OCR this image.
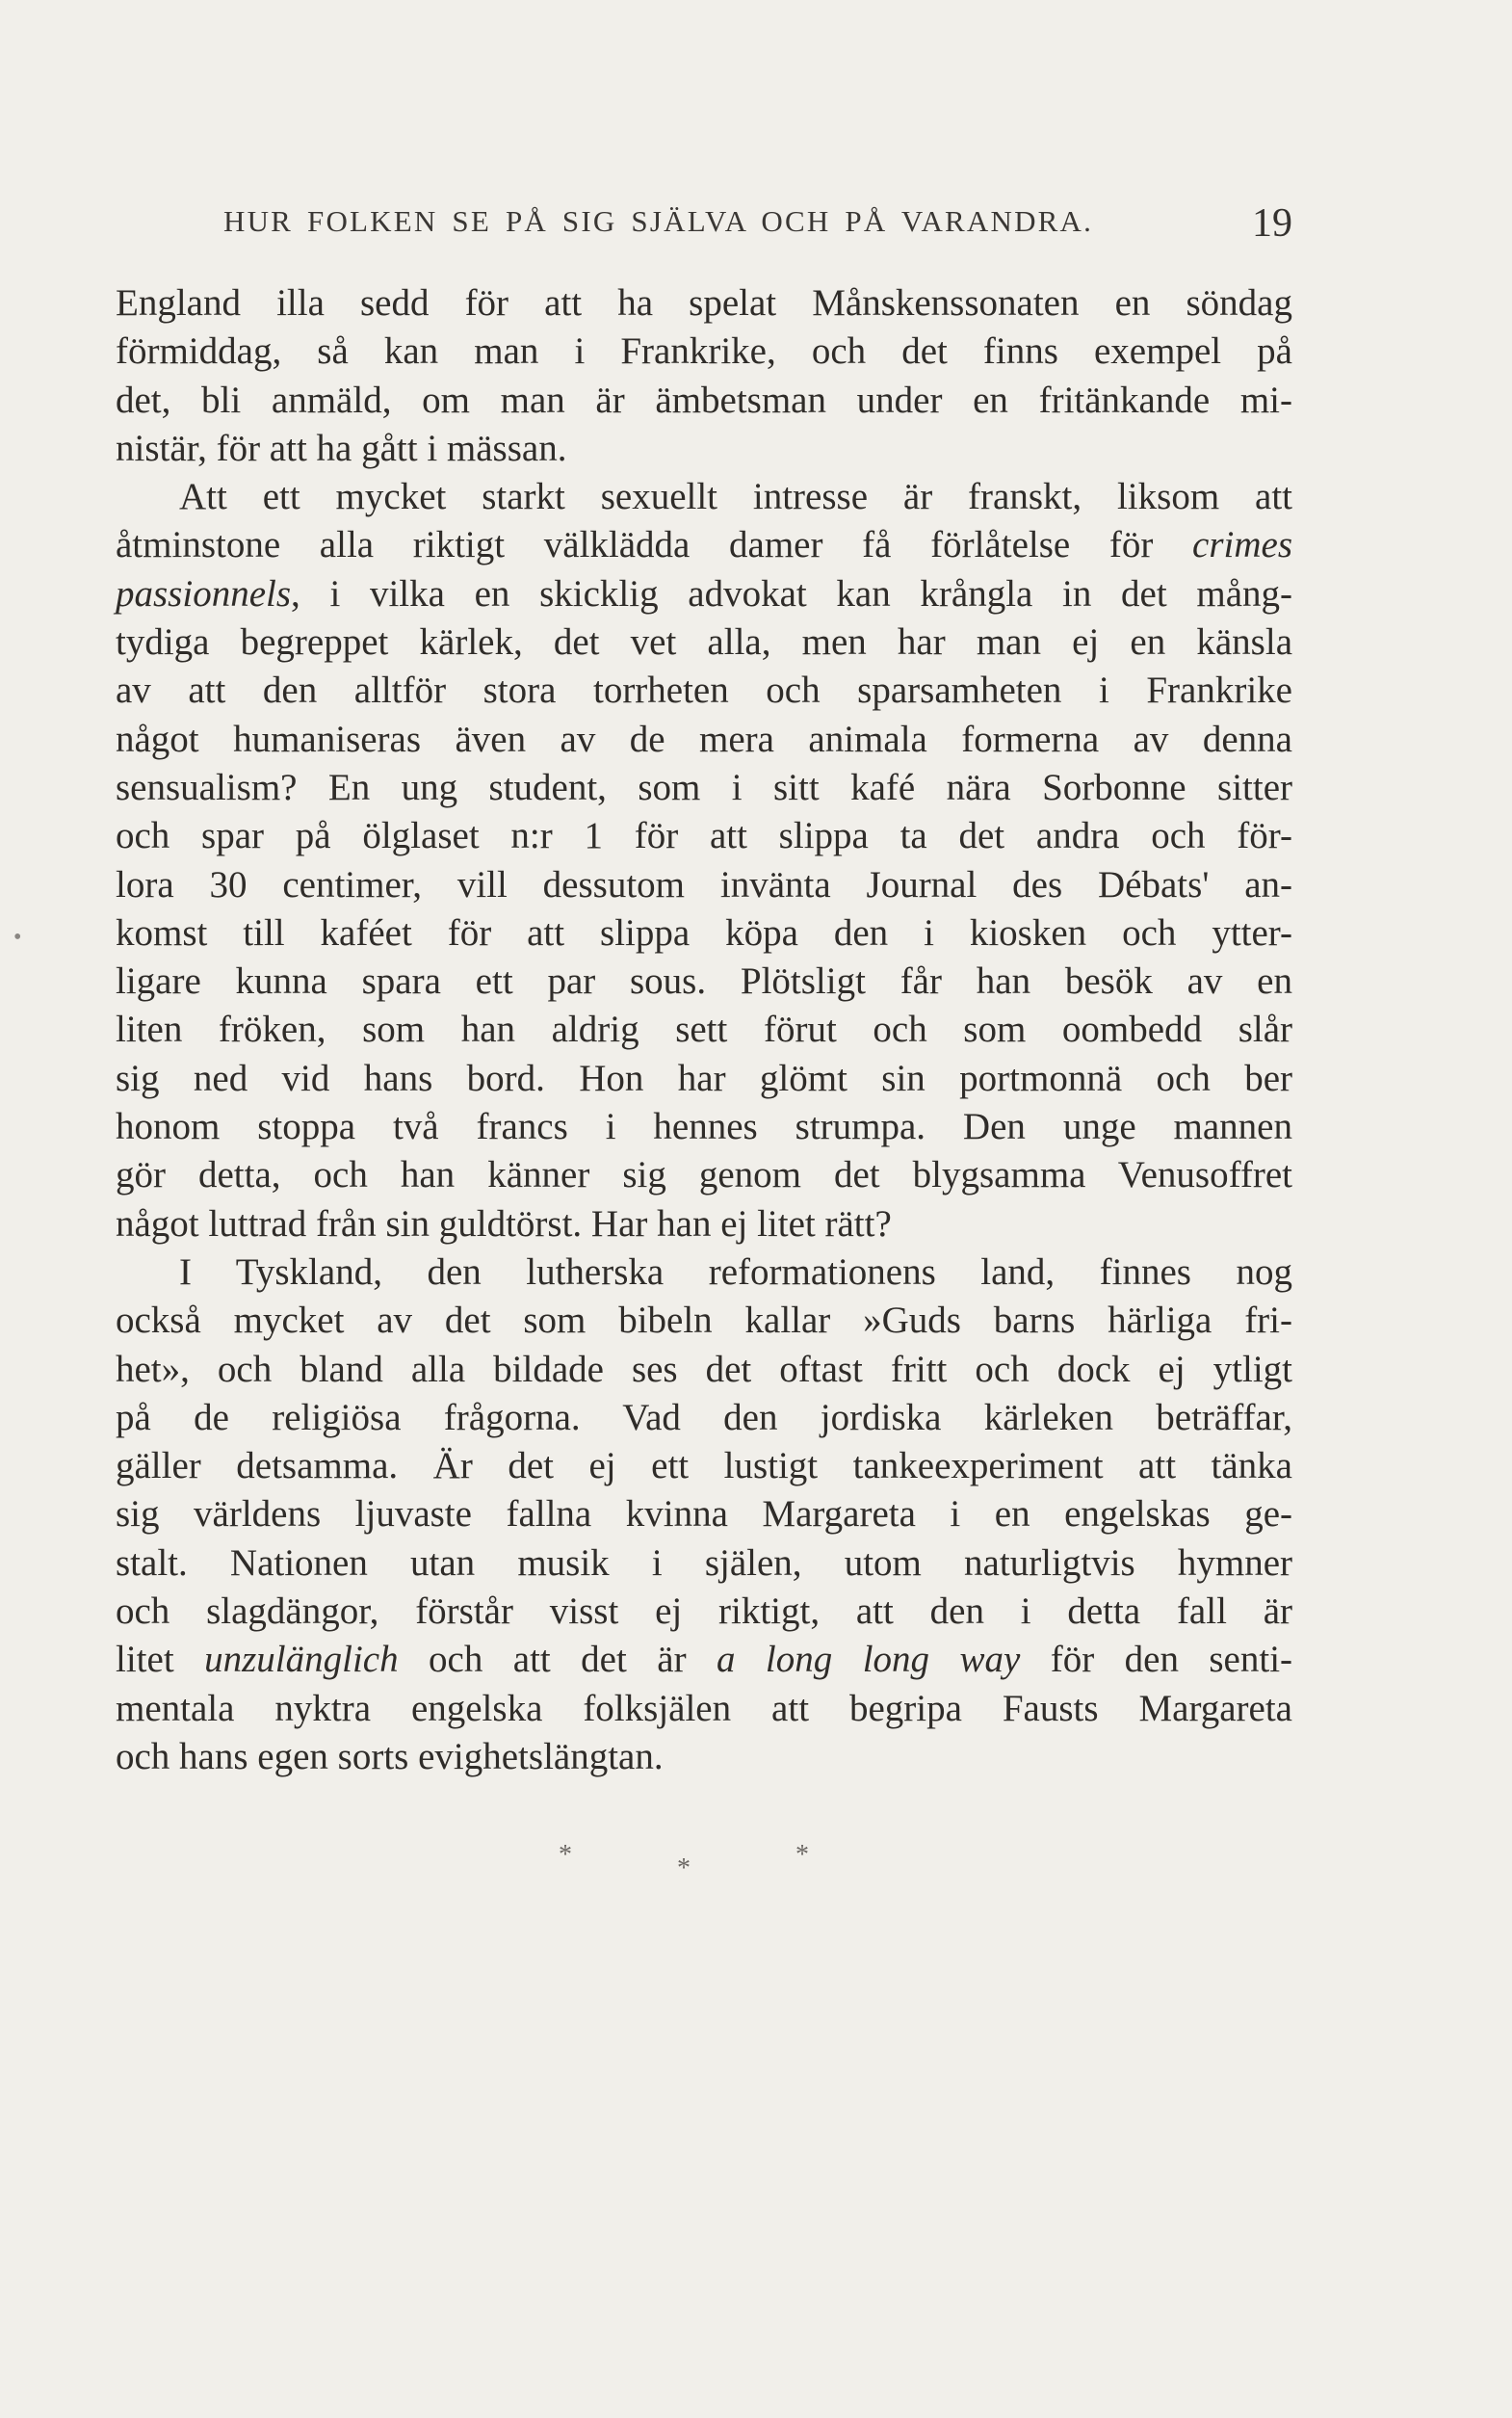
HUR FOLKEN SE PÅ SIG SJÄLVA OCH PÅ VARANDRA.	19
•
England illa sedd för att ha spelat Månskenssonaten en söndag
förmiddag, så kan man i Frankrike, och det finns exempel på
det, bli anmäld, om man är ämbetsman under en fritänkande mi-
nistär, för att ha gått i mässan.
Att ett mycket starkt sexuellt intresse är franskt, liksom att
åtminstone alla riktigt välklädda damer få förlåtelse för crimes
passionnels, i vilka en skicklig advokat kan krångla in det mång-
tydiga begreppet kärlek, det vet alla, men har man ej en känsla
av att den alltför stora torrheten och sparsamheten i Frankrike
något humaniseras även av de mera animala formerna av denna
sensualism? En ung student, som i sitt kafé nära Sorbonne sitter
och spar på ölglaset n:r 1 för att slippa ta det andra och för-
lora 30 centimer, vill dessutom invänta Journal des Débats' an-
komst till kaféet för att slippa köpa den i kiosken och ytter-
ligare kunna spara ett par sous. Plötsligt får han besök av en
liten fröken, som han aldrig sett förut och som oombedd slår
sig ned vid hans bord. Hon har glömt sin portmonnä och ber
honom stoppa två francs i hennes strumpa. Den unge mannen
gör detta, och han känner sig genom det blygsamma Venusoffret
något luttrad från sin guldtörst. Har han ej litet rätt?
I Tyskland, den lutherska reformationens land, finnes nog
också mycket av det som bibeln kallar »Guds barns härliga fri-
het», och bland alla bildade ses det oftast fritt och dock ej ytligt
på de religiösa frågorna. Vad den jordiska kärleken beträffar,
gäller detsamma. Är det ej ett lustigt tankeexperiment att tänka
sig världens ljuvaste fallna kvinna Margareta i en engelskas ge-
stalt. Nationen utan musik i själen, utom naturligtvis hymner
och slagdängor, förstår visst ej riktigt, att den i detta fall är
litet unzulänglich och att det är a long long way för den senti-
mentala nyktra engelska folksjälen att begripa Fausts Margareta
och hans egen sorts evighetslängtan.
*	*	*
